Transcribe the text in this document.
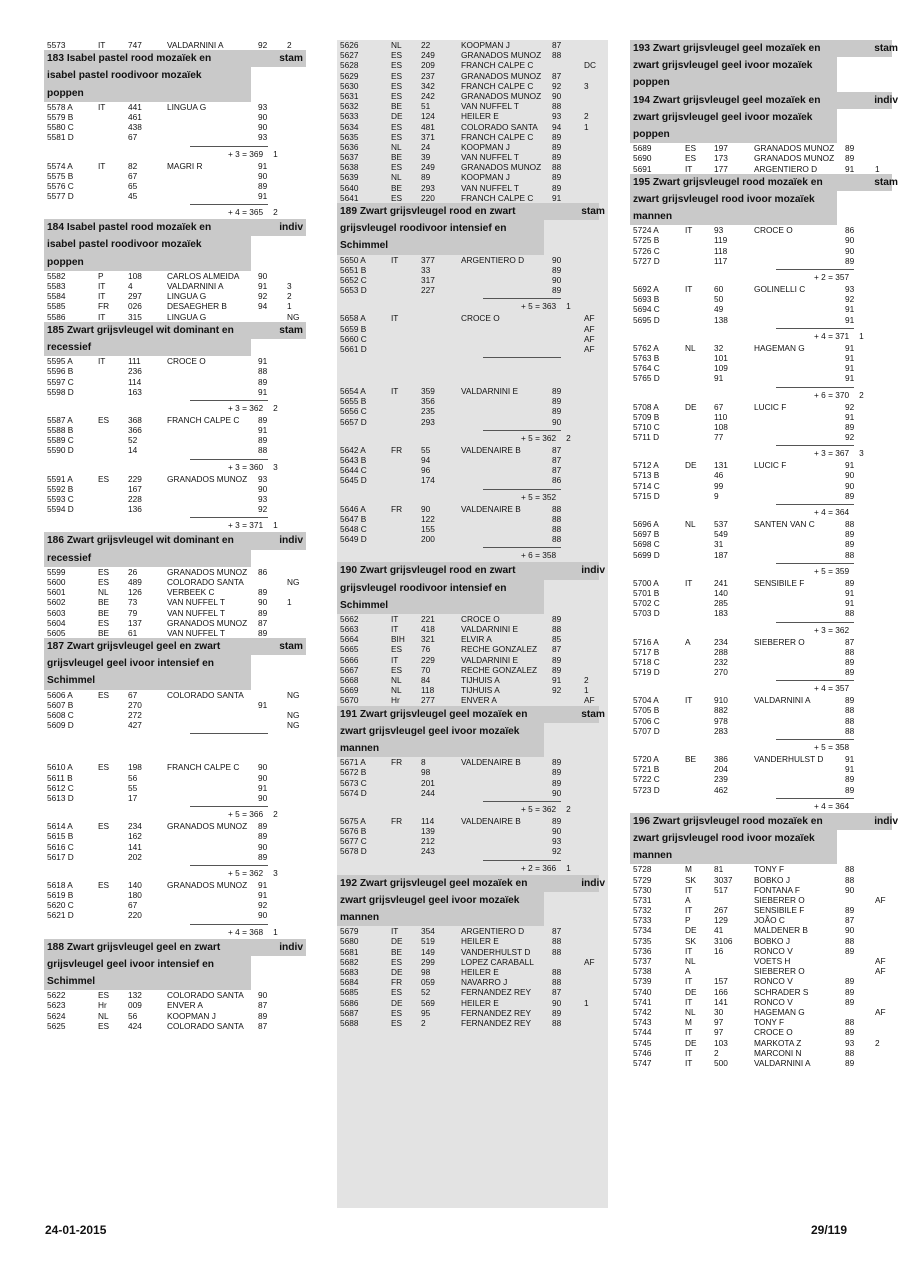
5573	IT	747	VALDARNINI A	92 2
183 Isabel pastel rood mozaïek en
isabel pastel roodivoor mozaïek
poppen
stam
5578 A	IT	441	LINGUA G	93
5579 B	461	90
5580 C	438	90
5581 D	67	93
+ 3 = 369 1
5574 A	IT	82	MAGRI R	91
5575 B	67	90
5576 C	65	89
5577 D	45	91
+ 4 = 365 2
184 Isabel pastel rood mozaïek en
isabel pastel roodivoor mozaïek
poppen
indiv
5582	P	108	CARLOS ALMEIDA 90
5583	IT	4	VALDARNINI A	91 3
5584	IT	297	LINGUA G	92 2
5585	FR 026	DESAEGHER B	94 1
5586	IT	315	LINGUA G	NG
185 Zwart grijsvleugel wit dominant en
recessief
stam
5595 A	IT	111	CROCE O	91
5596 B	236	88
5597 C	114	89
5598 D	163	91
+ 3 = 362 2
5587 A	ES 368	FRANCH CALPE C 89
5588 B	366	91
5589 C	52	89
5590 D	14	88
+ 3 = 360 3
5591 A	ES 229	GRANADOS MUNOZ 93
5592 B	167	90
5593 C	228	93
5594 D	136	92
+ 3 = 371 1
186 Zwart grijsvleugel wit dominant en
recessief
indiv
5599	ES 26	GRANADOS MUNOZ 86
5600	ES 489	COLORADO SANTA	NG
5601	NL 126	VERBEEK C	89
5602	BE 73	VAN NUFFEL T	90 1
5603	BE 79	VAN NUFFEL T	89
5604	ES 137	GRANADOS MUNOZ 87
5605	BE 61	VAN NUFFEL T	89
187 Zwart grijsvleugel geel en zwart
grijsvleugel geel ivoor intensief en
Schimmel
stam
5606 A	ES 67	COLORADO SANTA	NG
5607 B	270	91
5608 C	272	NG
5609 D	427	NG
5610 A	ES 198	FRANCH CALPE C 90
5611 B	56	90
5612 C	55	91
5613 D	17	90
+ 5 = 366 2
5614 A	ES 234	GRANADOS MUNOZ 89
5615 B	162	89
5616 C	141	90
5617 D	202	89
+ 5 = 362 3
5618 A	ES 140	GRANADOS MUNOZ 91
5619 B	180	91
5620 C	67	92
5621 D	220	90
+ 4 = 368 1
188 Zwart grijsvleugel geel en zwart
grijsvleugel geel ivoor intensief en
Schimmel
indiv
5622	ES 132	COLORADO SANTA 90
5623	Hr	009	ENVER A	87
5624	NL 56	KOOPMAN J	89
5625	ES 424	COLORADO SANTA 87
5626	NL 22	KOOPMAN J	87
5627	ES 249	GRANADOS MUNOZ 88
5628	ES 209	FRANCH CALPE C	DC
5629	ES 237	GRANADOS MUNOZ 87
5630	ES 342	FRANCH CALPE C 92	3
5631	ES 242	GRANADOS MUNOZ 90
5632	BE 51	VAN NUFFEL T	88
5633	DE 124	HEILER E	93	2
5634	ES 481	COLORADO SANTA 94	1
5635	ES 371	FRANCH CALPE C 89
5636	NL 24	KOOPMAN J	89
5637	BE 39	VAN NUFFEL T	89
5638	ES 249	GRANADOS MUNOZ 88
5639	NL 89	KOOPMAN J	89
5640	BE 293	VAN NUFFEL T	89
5641	ES 220	FRANCH CALPE C 91
189 Zwart grijsvleugel rood en zwart
grijsvleugel roodivoor intensief en
Schimmel
stam
5650 A	IT	377	ARGENTIERO D	90
5651 B	33	89
5652 C	317	90
5653 D	227	89
+ 5 = 363 1
5658 A	IT	CROCE O	AF
5659 B	AF
5660 C	AF
5661 D	AF
5654 A	IT	359	VALDARNINI E	89
5655 B	356	89
5656 C	235	89
5657 D	293	90
+ 5 = 362 2
5642 A	FR 55	VALDENAIRE B	87
5643 B	94	87
5644 C	96	87
5645 D	174	86
+ 5 = 352
5646 A	FR 90	VALDENAIRE B	88
5647 B	122	88
5648 C	155	88
5649 D	200	88
+ 6 = 358
190 Zwart grijsvleugel rood en zwart
grijsvleugel roodivoor intensief en
Schimmel
indiv
5662	IT	221	CROCE O	89
5663	IT	418	VALDARNINI E	88
5664	BIH 321	ELVIR A	85
5665	ES 76	RECHE GONZALEZ 87
5666	IT	229	VALDARNINI E	89
5667	ES 70	RECHE GONZALEZ 89
5668	NL 84	TIJHUIS A	91	2
5669	NL 118	TIJHUIS A	92	1
5670	Hr	277	ENVER A	AF
191 Zwart grijsvleugel geel mozaïek en
zwart grijsvleugel geel ivoor mozaïek
mannen
stam
5671 A	FR 8	VALDENAIRE B	89
5672 B	98	89
5673 C	201	89
5674 D	244	90
+ 5 = 362 2
5675 A	FR 114	VALDENAIRE B	89
5676 B	139	90
5677 C	212	93
5678 D	243	92
+ 2 = 366 1
192 Zwart grijsvleugel geel mozaïek en
zwart grijsvleugel geel ivoor mozaïek
mannen
indiv
5679	IT	354	ARGENTIERO D	87
5680	DE 519	HEILER E	88
5681	BE 149	VANDERHULST D	88
5682	ES 299	LOPEZ CARABALL	AF
5683	DE 98	HEILER E	88
5684	FR 059	NAVARRO J	88
5685	ES 52	FERNANDEZ REY	87
5686	DE 569	HEILER E	90	1
5687	ES 95	FERNANDEZ REY	89
5688	ES 2	FERNANDEZ REY	88
193 Zwart grijsvleugel geel mozaïek en
zwart grijsvleugel geel ivoor mozaïek
poppen
stam
194 Zwart grijsvleugel geel mozaïek en
zwart grijsvleugel geel ivoor mozaïek
poppen
indiv
5689	ES 197	GRANADOS MUNOZ 89
5690	ES 173	GRANADOS MUNOZ 89
5691	IT	177	ARGENTIERO D	91	1
195 Zwart grijsvleugel rood mozaïek en
zwart grijsvleugel rood ivoor mozaïek
mannen
stam
5724 A	IT	93	CROCE O	86
5725 B	119	90
5726 C	118	90
5727 D	117	89
+ 2 = 357
5692 A	IT	60	GOLINELLI C	93
5693 B	50	92
5694 C	49	91
5695 D	138	91
+ 4 = 371 1
5762 A	NL 32	HAGEMAN G	91
5763 B	101	91
5764 C	109	91
5765 D	91	91
+ 6 = 370 2
5708 A	DE 67	LUCIC F	92
5709 B	110	91
5710 C	108	89
5711 D	77	92
+ 3 = 367 3
5712 A	DE 131	LUCIC F	91
5713 B	46	90
5714 C	99	90
5715 D	9	89
+ 4 = 364
5696 A	NL 537	SANTEN VAN C	88
5697 B	549	89
5698 C	31	89
5699 D	187	88
+ 5 = 359
5700 A	IT	241	SENSIBILE F	89
5701 B	140	91
5702 C	285	91
5703 D	183	88
+ 3 = 362
5716 A	A	234	SIEBERER O	87
5717 B	288	88
5718 C	232	89
5719 D	270	89
+ 4 = 357
5704 A	IT	910	VALDARNINI A	89
5705 B	882	88
5706 C	978	88
5707 D	283	88
+ 5 = 358
5720 A	BE 386	VANDERHULST D	91
5721 B	204	91
5722 C	239	89
5723 D	462	89
+ 4 = 364
196 Zwart grijsvleugel rood mozaïek en
zwart grijsvleugel rood ivoor mozaïek
mannen
indiv
5728	M	81	TONY F	88
5729	SK 3037	BOBKO J	88
5730	IT	517	FONTANA F	90
5731	A	SIEBERER O	AF
5732	IT	267	SENSIBILE F	89
5733	P	129	JOÃO C	87
5734	DE 41	MALDENER B	90
5735	SK 3106	BOBKO J	88
5736	IT	16	RONCO V	89
5737	NL	VOETS H	AF
5738	A	SIEBERER O	AF
5739	IT	157	RONCO V	89
5740	DE 166	SCHRADER S	89
5741	IT	141	RONCO V	89
5742	NL 30	HAGEMAN G	AF
5743	M	97	TONY F	88
5744	IT	97	CROCE O	89
5745	DE 103	MARKOTA Z	93	2
5746	IT	2	MARCONI N	88
5747	IT	500	VALDARNINI A	89
24-01-2015	29/119
